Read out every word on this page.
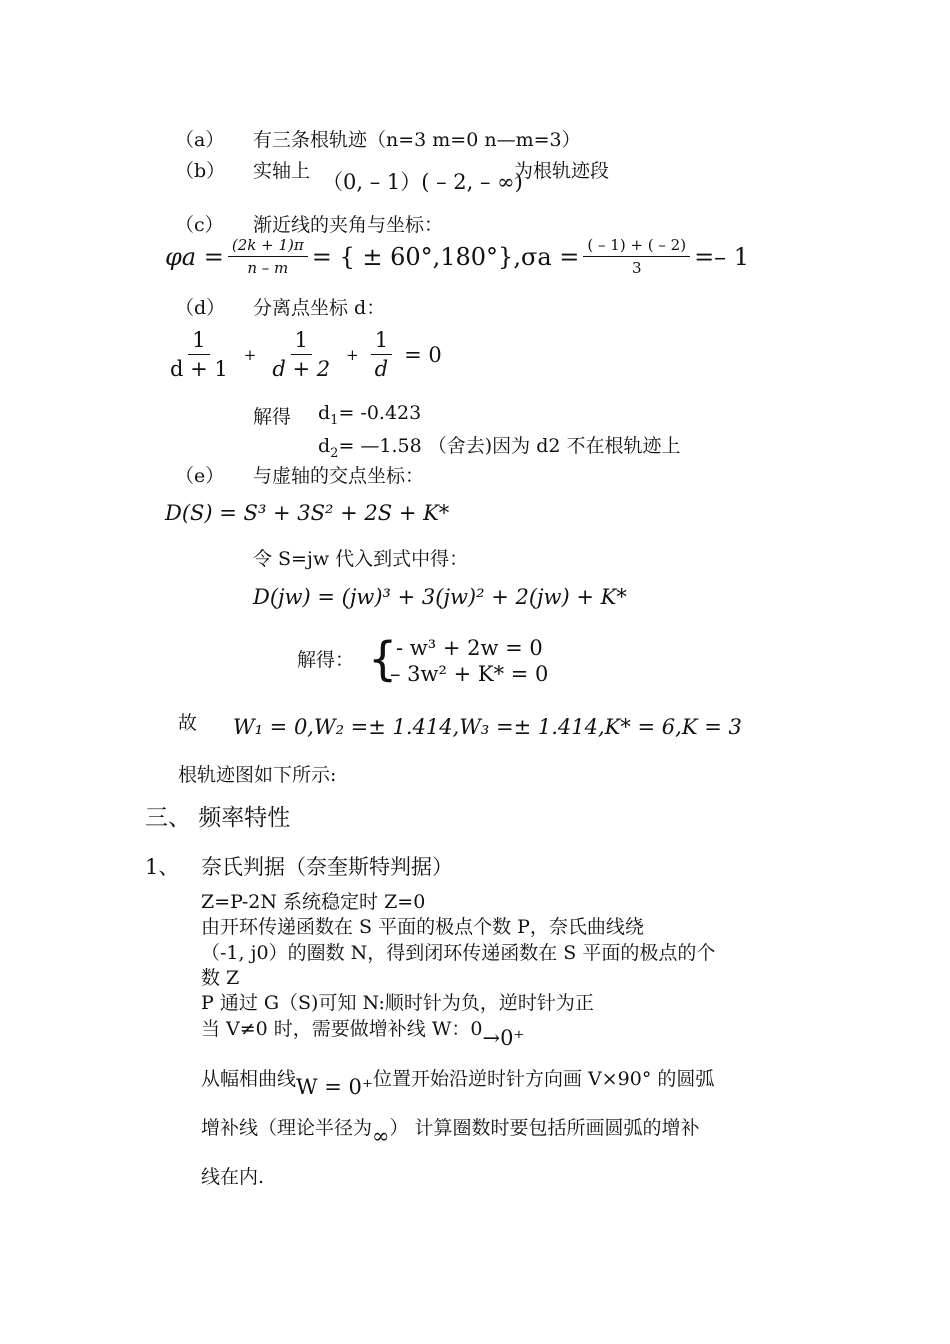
（a） 有三条根轨迹（n=3 m=0 n—m=3）
（b） 实轴上 （0, – 1）( – 2, – ∞)
为根轨迹段
（c） 渐近线的夹角与坐标：
$\varphi a = \frac{(2k + 1)\pi}{n - m}$ = { ± $60^\circ,180^\circ\},\sigma a = \frac{( - 1) + ( - 2)}{3} =- 1$
（d） 分离点坐标 d：
$\frac{1}{d + 1} + \frac{1}{d + 2} + \frac{1}{d} = 0$
解得 $d_1= -0.423$
$d_2=$ —1.58 （舍去)因为 d2 不在根轨迹上
（e） 与虚轴的交点坐标：
D(S) = S³ + 3S² + 2S + K*
令 S=jw 代入到式中得：
D(jw) = (jw)³ + 3(jw)² + 2(jw) + K*
解得： {
- w³ + 2w = 0
– 3w² + K* = 0
故 W₁ = 0,W₂ =± 1.414,W₃ =± 1.414,K* = 6,K = 3
根轨迹图如下所示:
三、 频率特性
1、 奈氏判据（奈奎斯特判据）
Z=P-2N 系统稳定时 Z=0
由开环传递函数在 S 平面的极点个数 P，奈氏曲线绕
（-1, j0）的圈数 N，得到闭环传递函数在 S 平面的极点的个
数 Z
P 通过 G（S)可知 N:顺时针为负，逆时针为正
当 V≠0 时，需要做增补线 W：0→0⁺
从幅相曲线W = 0⁺位置开始沿逆时针方向画 V×90° 的圆弧
增补线（理论半径为∞） 计算圈数时要包括所画圆弧的增补
线在内.
